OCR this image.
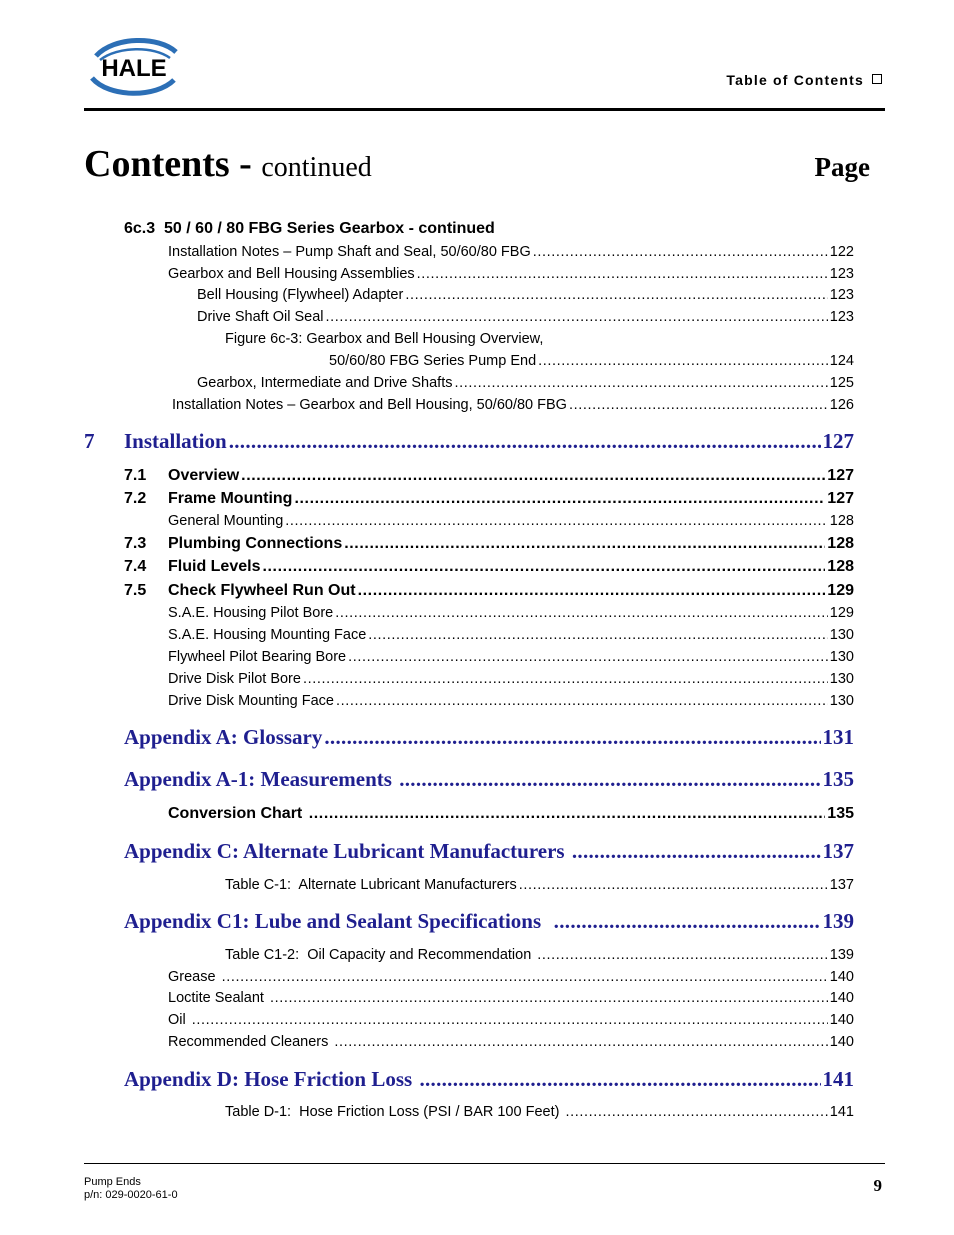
HALE	Table of Contents
Contents - continued	Page
6c.3 50 / 60 / 80 FBG Series Gearbox - continued
Installation Notes – Pump Shaft and Seal, 50/60/80 FBG .....	122
Gearbox and Bell Housing Assemblies .....	123
Bell Housing (Flywheel) Adapter .....	123
Drive Shaft Oil Seal .....	123
Figure 6c-3: Gearbox and Bell Housing Overview,
50/60/80 FBG Series Pump End .....	124
Gearbox, Intermediate and Drive Shafts .....	125
Installation Notes – Gearbox and Bell Housing, 50/60/80 FBG .....	126
7 Installation .....	127
7.1 Overview .....	127
7.2 Frame Mounting .....	127
General Mounting .....	128
7.3 Plumbing Connections .....	128
7.4 Fluid Levels .....	128
7.5 Check Flywheel Run Out .....	129
S.A.E. Housing Pilot Bore .....	129
S.A.E. Housing Mounting Face .....	130
Flywheel Pilot Bearing Bore .....	130
Drive Disk Pilot Bore .....	130
Drive Disk Mounting Face .....	130
Appendix A: Glossary .....	131
Appendix A-1: Measurements .....	135
Conversion Chart .....	135
Appendix C: Alternate Lubricant Manufacturers .....	137
Table C-1:  Alternate Lubricant Manufacturers .....	137
Appendix C1: Lube and Sealant Specifications .....	139
Table C1-2:  Oil Capacity and Recommendation .....	139
Grease .....	140
Loctite Sealant .....	140
Oil .....	140
Recommended Cleaners .....	140
Appendix D: Hose Friction Loss .....	141
Table D-1:  Hose Friction Loss (PSI / BAR 100 Feet) .....	141
Pump Ends
p/n: 029-0020-61-0	9
